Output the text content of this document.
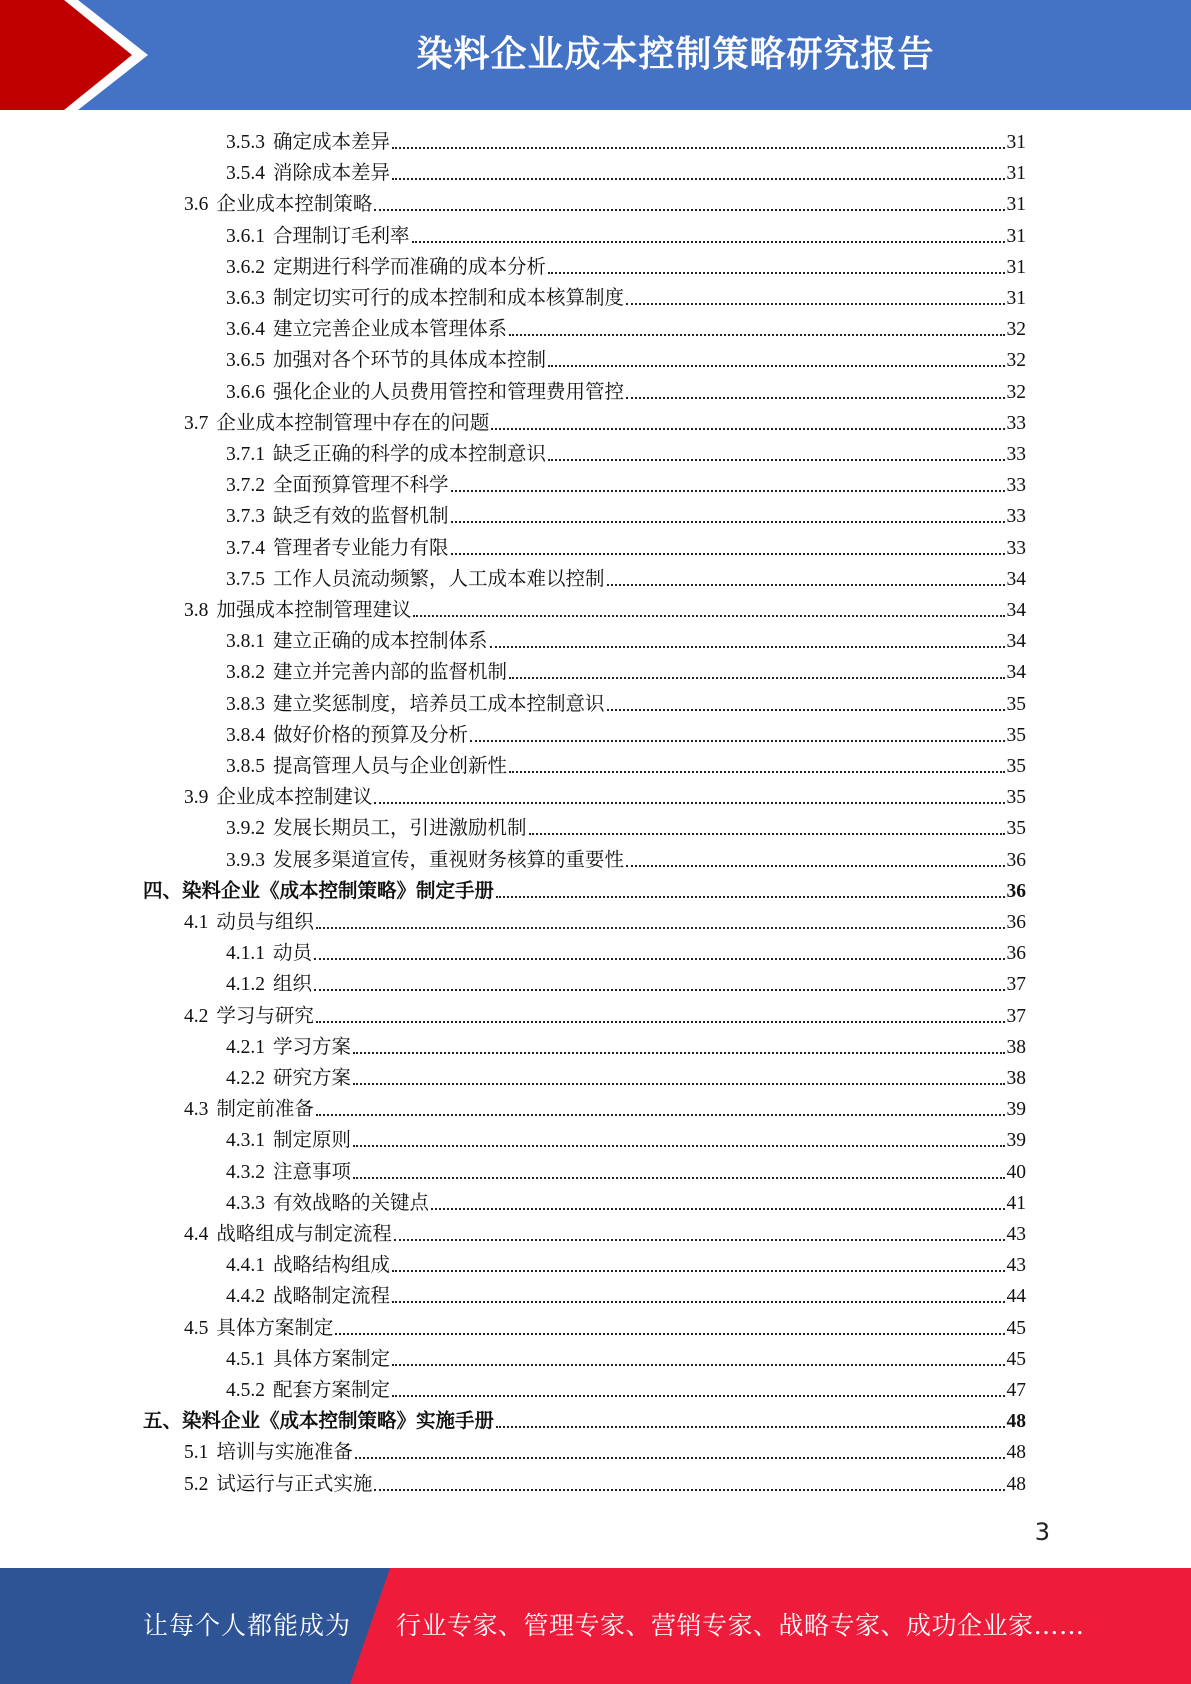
染料企业成本控制策略研究报告
3.5.3 确定成本差异	31
3.5.4 消除成本差异	31
3.6 企业成本控制策略	31
3.6.1 合理制订毛利率	31
3.6.2 定期进行科学而准确的成本分析	31
3.6.3 制定切实可行的成本控制和成本核算制度	31
3.6.4 建立完善企业成本管理体系	32
3.6.5 加强对各个环节的具体成本控制	32
3.6.6 强化企业的人员费用管控和管理费用管控	32
3.7 企业成本控制管理中存在的问题	33
3.7.1 缺乏正确的科学的成本控制意识	33
3.7.2 全面预算管理不科学	33
3.7.3 缺乏有效的监督机制	33
3.7.4 管理者专业能力有限	33
3.7.5 工作人员流动频繁，人工成本难以控制	34
3.8 加强成本控制管理建议	34
3.8.1 建立正确的成本控制体系	34
3.8.2 建立并完善内部的监督机制	34
3.8.3 建立奖惩制度，培养员工成本控制意识	35
3.8.4 做好价格的预算及分析	35
3.8.5 提高管理人员与企业创新性	35
3.9 企业成本控制建议	35
3.9.2 发展长期员工，引进激励机制	35
3.9.3 发展多渠道宣传，重视财务核算的重要性	36
四、 染料企业《成本控制策略》制定手册	36
4.1 动员与组织	36
4.1.1 动员	36
4.1.2 组织	37
4.2 学习与研究	37
4.2.1 学习方案	38
4.2.2 研究方案	38
4.3 制定前准备	39
4.3.1 制定原则	39
4.3.2 注意事项	40
4.3.3 有效战略的关键点	41
4.4 战略组成与制定流程	43
4.4.1 战略结构组成	43
4.4.2 战略制定流程	44
4.5 具体方案制定	45
4.5.1 具体方案制定	45
4.5.2 配套方案制定	47
五、 染料企业《成本控制策略》实施手册	48
5.1 培训与实施准备	48
5.2 试运行与正式实施	48
3
让每个人都能成为 行业专家、管理专家、营销专家、战略专家、成功企业家……
